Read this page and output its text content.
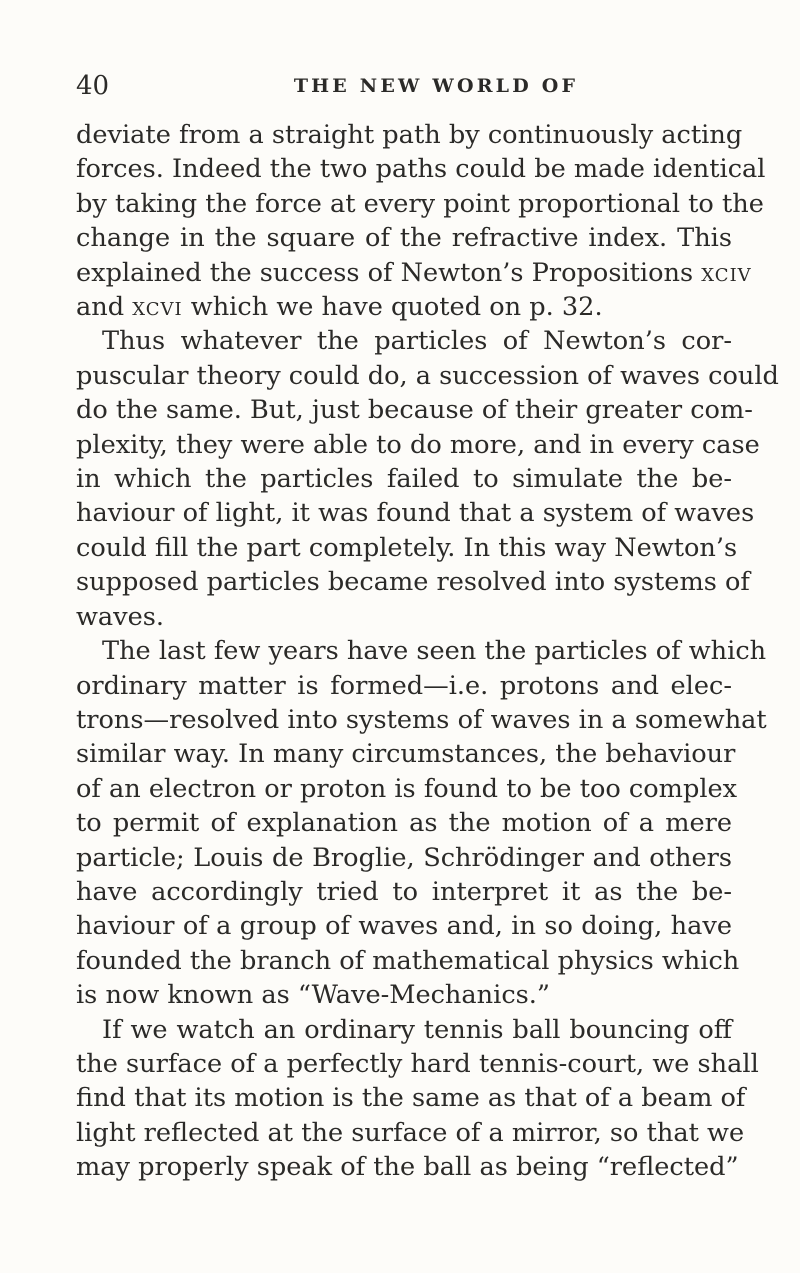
40	THE NEW WORLD OF
deviate from a straight path by continuously acting
forces. Indeed the two paths could be made identical
by taking the force at every point proportional to the
change in the square of the refractive index. This
explained the success of Newton’s Propositions xciv
and xcvi which we have quoted on p. 32.
Thus whatever the particles of Newton’s cor-
puscular theory could do, a succession of waves could
do the same. But, just because of their greater com-
plexity, they were able to do more, and in every case
in which the particles failed to simulate the be-
haviour of light, it was found that a system of waves
could fill the part completely. In this way Newton’s
supposed particles became resolved into systems of
waves.
The last few years have seen the particles of which
ordinary matter is formed—i.e. protons and elec-
trons—resolved into systems of waves in a somewhat
similar way. In many circumstances, the behaviour
of an electron or proton is found to be too complex
to permit of explanation as the motion of a mere
particle; Louis de Broglie, Schrödinger and others
have accordingly tried to interpret it as the be-
haviour of a group of waves and, in so doing, have
founded the branch of mathematical physics which
is now known as “Wave-Mechanics.”
If we watch an ordinary tennis ball bouncing off
the surface of a perfectly hard tennis-court, we shall
find that its motion is the same as that of a beam of
light reflected at the surface of a mirror, so that we
may properly speak of the ball as being “reflected”
